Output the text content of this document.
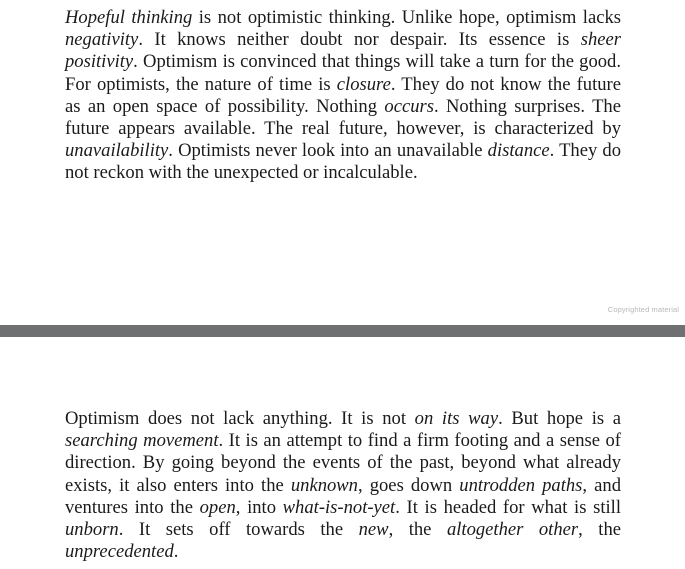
Hopeful thinking is not optimistic thinking. Unlike hope, optimism lacks negativity. It knows neither doubt nor despair. Its essence is sheer positivity. Optimism is convinced that things will take a turn for the good. For optimists, the nature of time is closure. They do not know the future as an open space of possibility. Nothing occurs. Nothing surprises. The future appears available. The real future, however, is characterized by unavailability. Optimists never look into an unavailable distance. They do not reckon with the unexpected or incalculable.

Copyrighted material

Optimism does not lack anything. It is not on its way. But hope is a searching movement. It is an attempt to find a firm footing and a sense of direction. By going beyond the events of the past, beyond what already exists, it also enters into the unknown, goes down untrodden paths, and ventures into the open, into what-is-not-yet. It is headed for what is still unborn. It sets off towards the new, the altogether other, the unprecedented.
